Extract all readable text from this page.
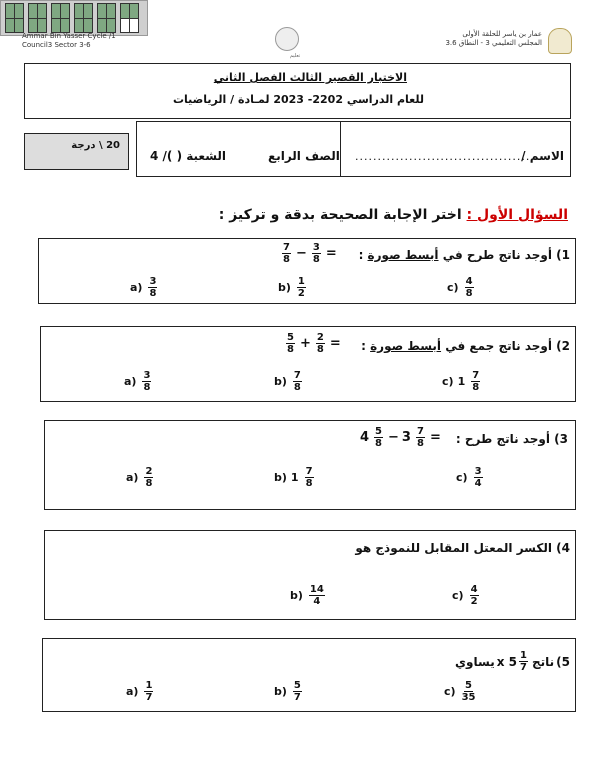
Ammar Bin Yasser Cycle /1
Council3 Sector 3-6
عمار بن ياسر للحلقة الأولى
المجلس التعليمي 3 - النطاق 3.6
تعليم
الاختبار القصير الثالث الفصل الثاني
للعام الدراسي 2202- 2023 لمـادة / الرياضيات
20 \ درجة
الاسم /
........................................
الصف الرابع
الشعبة ( )/ 4
السؤال الأول : اختر الإجابة الصحيحة بدقة و تركيز :
1) أوجد ناتج طرح في أبسط صورة :
$\frac{7}{8} - \frac{3}{8}$ =
$a) \frac{3}{8}$	$b) \frac{1}{2}$	$c) \frac{4}{8}$
2) أوجد ناتج جمع في أبسط صورة :
$\frac{5}{8} + \frac{2}{8}$ =
$a) \frac{3}{8}$	$b) \frac{7}{8}$	c) $1 \frac{7}{8}$
3) أوجد ناتج طرح :
$4 \frac{5}{8} - 3 \frac{7}{8}$ =
$a) \frac{2}{8}$	b) $1 \frac{7}{8}$	$c) \frac{3}{4}$
4) الكسر المعتل المقابل للنموذج هو
$b) \frac{14}{4}$	$c) \frac{4}{2}$
5)
ناتج
x $5 \frac{1}{7}$
يساوي
$a) \frac{1}{7}$	$b) \frac{5}{7}$	$c) \frac{5}{35}$
